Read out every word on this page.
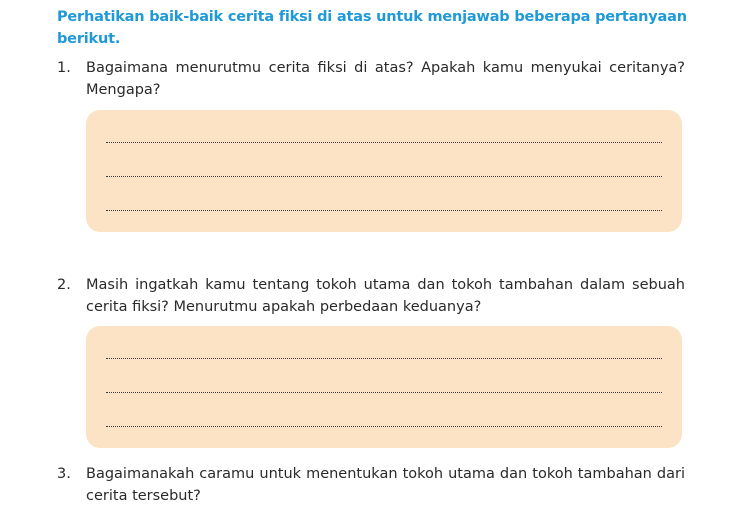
Perhatikan baik-baik cerita fiksi di atas untuk menjawab beberapa pertanyaan berikut.
1.	Bagaimana menurutmu cerita fiksi di atas? Apakah kamu menyukai ceritanya? Mengapa?
2.	Masih ingatkah kamu tentang tokoh utama dan tokoh tambahan dalam sebuah cerita fiksi? Menurutmu apakah perbedaan keduanya?
3.	Bagaimanakah caramu untuk menentukan tokoh utama dan tokoh tambahan dari cerita tersebut?
